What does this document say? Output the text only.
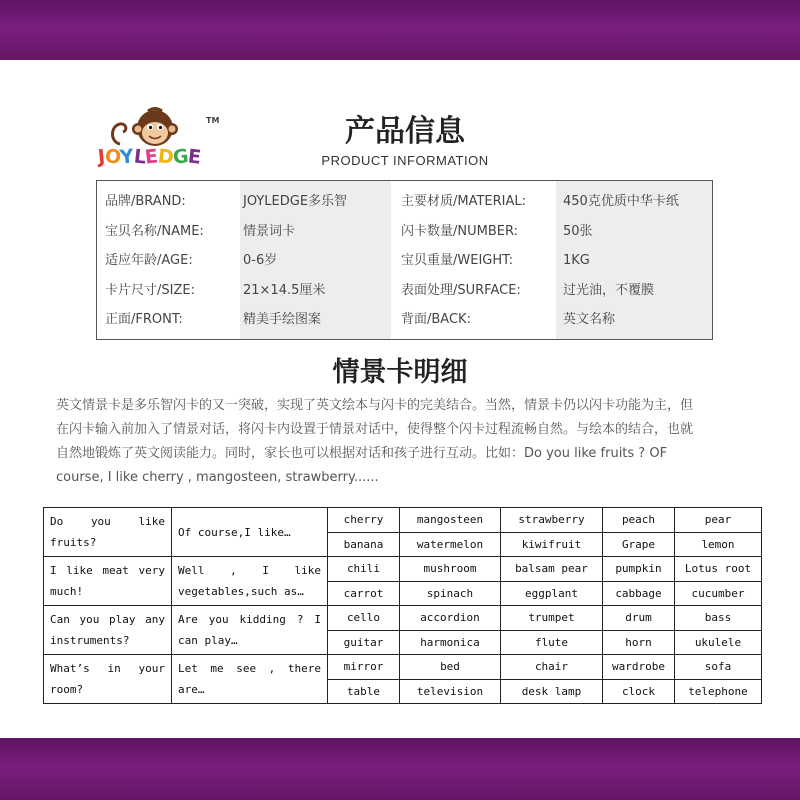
TM
JOYLEDGE
产品信息
PRODUCT INFORMATION
品牌/BRAND:	JOYLEDGE多乐智	主要材质/MATERIAL:	450克优质中华卡纸
宝贝名称/NAME:	情景词卡	闪卡数量/NUMBER:	50张
适应年龄/AGE:	0-6岁	宝贝重量/WEIGHT:	1KG
卡片尺寸/SIZE:	21×14.5厘米	表面处理/SURFACE:	过光油，不覆膜
正面/FRONT:	精美手绘图案	背面/BACK:	英文名称
情景卡明细
英文情景卡是多乐智闪卡的又一突破，实现了英文绘本与闪卡的完美结合。当然，情景卡仍以闪卡功能为主，但
在闪卡输入前加入了情景对话，将闪卡内设置于情景对话中，使得整个闪卡过程流畅自然。与绘本的结合，也就
自然地锻炼了英文阅读能力。同时，家长也可以根据对话和孩子进行互动。比如：Do you like fruits ? OF
course, I like cherry , mangosteen, strawberry......
Do you like fruits?	Of course,I like…	cherry	mangosteen	strawberry	peach	pear
		banana	watermelon	kiwifruit	Grape	lemon
I like meat very much!	Well , I like vegetables,such as…	chili	mushroom	balsam pear	pumpkin	Lotus root
		carrot	spinach	eggplant	cabbage	cucumber
Can you play any instruments?	Are you kidding ? I can play…	cello	accordion	trumpet	drum	bass
		guitar	harmonica	flute	horn	ukulele
What’s in your room?	Let me see , there are…	mirror	bed	chair	wardrobe	sofa
		table	television	desk lamp	clock	telephone
